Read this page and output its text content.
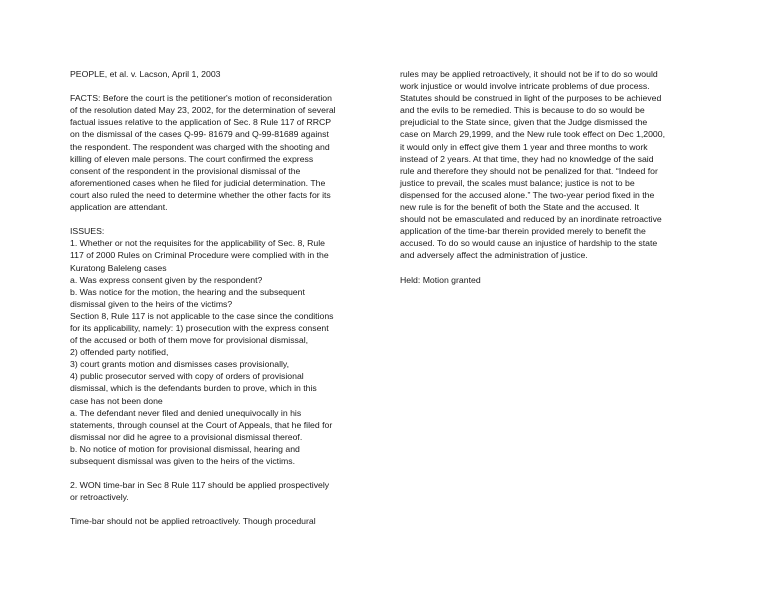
PEOPLE, et al. v. Lacson, April 1, 2003
FACTS: Before the court is the petitioner's motion of reconsideration
of the resolution dated May 23, 2002, for the determination of several
factual issues relative to the application of Sec. 8 Rule 117 of RRCP
on the dismissal of the cases Q-99- 81679 and Q-99-81689 against
the respondent. The respondent was charged with the shooting and
killing of eleven male persons. The court confirmed the express
consent of the respondent in the provisional dismissal of the
aforementioned cases when he filed for judicial determination. The
court also ruled the need to determine whether the other facts for its
application are attendant.
ISSUES:
1. Whether or not the requisites for the applicability of Sec. 8, Rule
117 of 2000 Rules on Criminal Procedure were complied with in the
Kuratong Baleleng cases
a. Was express consent given by the respondent?
b. Was notice for the motion, the hearing and the subsequent
dismissal given to the heirs of the victims?
Section 8, Rule 117 is not applicable to the case since the conditions
for its applicability, namely: 1) prosecution with the express consent
of the accused or both of them move for provisional dismissal,
2) offended party notified,
3) court grants motion and dismisses cases provisionally,
4) public prosecutor served with copy of orders of provisional
dismissal, which is the defendants burden to prove, which in this
case has not been done
a. The defendant never filed and denied unequivocally in his
statements, through counsel at the Court of Appeals, that he filed for
dismissal nor did he agree to a provisional dismissal thereof.
b. No notice of motion for provisional dismissal, hearing and
subsequent dismissal was given to the heirs of the victims.
2. WON time-bar in Sec 8 Rule 117 should be applied prospectively
or retroactively.
Time-bar should not be applied retroactively. Though procedural
rules may be applied retroactively, it should not be if to do so would
work injustice or would involve intricate problems of due process.
Statutes should be construed in light of the purposes to be achieved
and the evils to be remedied. This is because to do so would be
prejudicial to the State since, given that the Judge dismissed the
case on March 29,1999, and the New rule took effect on Dec 1,2000,
it would only in effect give them 1 year and three months to work
instead of 2 years. At that time, they had no knowledge of the said
rule and therefore they should not be penalized for that. “Indeed for
justice to prevail, the scales must balance; justice is not to be
dispensed for the accused alone.” The two-year period fixed in the
new rule is for the benefit of both the State and the accused. It
should not be emasculated and reduced by an inordinate retroactive
application of the time-bar therein provided merely to benefit the
accused. To do so would cause an injustice of hardship to the state
and adversely affect the administration of justice.
Held: Motion granted
